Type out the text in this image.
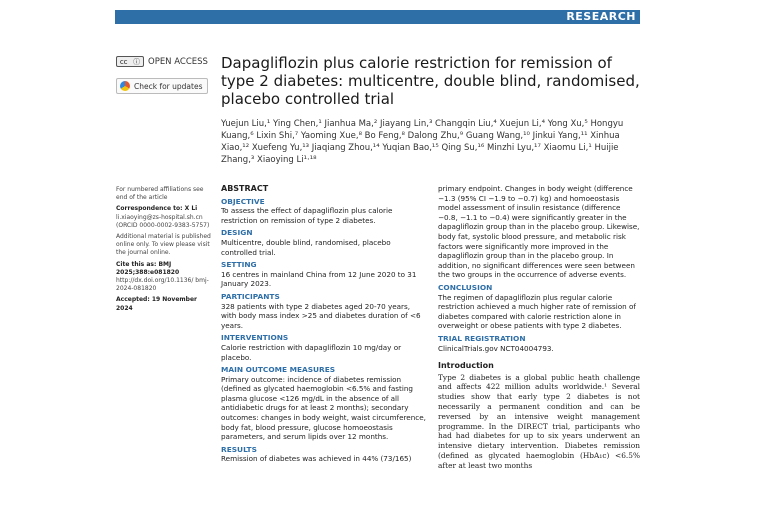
RESEARCH
cc ⓘ OPEN ACCESS
Check for updates
Dapagliflozin plus calorie restriction for remission of type 2 diabetes: multicentre, double blind, randomised, placebo controlled trial
Yuejun Liu,¹ Ying Chen,¹ Jianhua Ma,² Jiayang Lin,³ Changqin Liu,⁴ Xuejun Li,⁴ Yong Xu,⁵ Hongyu Kuang,⁶ Lixin Shi,⁷ Yaoming Xue,⁸ Bo Feng,⁸ Dalong Zhu,⁹ Guang Wang,¹⁰ Jinkui Yang,¹¹ Xinhua Xiao,¹² Xuefeng Yu,¹³ Jiaqiang Zhou,¹⁴ Yuqian Bao,¹⁵ Qing Su,¹⁶ Minzhi Lyu,¹⁷ Xiaomu Li,¹ Huijie Zhang,³ Xiaoying Li¹·¹⁸

For numbered affiliations see end of the article

Correspondence to: X Li
li.xiaoying@zs-hospital.sh.cn
(ORCID 0000-0002-9383-5757)

Additional material is published online only. To view please visit the journal online.

Cite this as: BMJ 2025;388:e081820
http://dx.doi.org/10.1136/ bmj-2024-081820

Accepted: 19 November 2024

ABSTRACT
OBJECTIVE
To assess the effect of dapagliflozin plus calorie restriction on remission of type 2 diabetes.
DESIGN
Multicentre, double blind, randomised, placebo controlled trial.
SETTING
16 centres in mainland China from 12 June 2020 to 31 January 2023.
PARTICIPANTS
328 patients with type 2 diabetes aged 20-70 years, with body mass index >25 and diabetes duration of <6 years.
INTERVENTIONS
Calorie restriction with dapagliflozin 10 mg/day or placebo.
MAIN OUTCOME MEASURES
Primary outcome: incidence of diabetes remission (defined as glycated haemoglobin <6.5% and fasting plasma glucose <126 mg/dL in the absence of all antidiabetic drugs for at least 2 months); secondary outcomes: changes in body weight, waist circumference, body fat, blood pressure, glucose homoeostasis parameters, and serum lipids over 12 months.
RESULTS
Remission of diabetes was achieved in 44% (73/165)
primary endpoint. Changes in body weight (difference −1.3 (95% CI −1.9 to −0.7) kg) and homoeostasis model assessment of insulin resistance (difference −0.8, −1.1 to −0.4) were significantly greater in the dapagliflozin group than in the placebo group. Likewise, body fat, systolic blood pressure, and metabolic risk factors were significantly more improved in the dapagliflozin group than in the placebo group. In addition, no significant differences were seen between the two groups in the occurrence of adverse events.
CONCLUSION
The regimen of dapagliflozin plus regular calorie restriction achieved a much higher rate of remission of diabetes compared with calorie restriction alone in overweight or obese patients with type 2 diabetes.
TRIAL REGISTRATION
ClinicalTrials.gov NCT04004793.
Introduction
Type 2 diabetes is a global public heath challenge and affects 422 million adults worldwide.¹ Several studies show that early type 2 diabetes is not necessarily a permanent condition and can be reversed by an intensive weight management programme. In the DIRECT trial, participants who had had diabetes for up to six years underwent an intensive dietary intervention. Diabetes remission (defined as glycated haemoglobin (HbA₁c) <6.5% after at least two months
